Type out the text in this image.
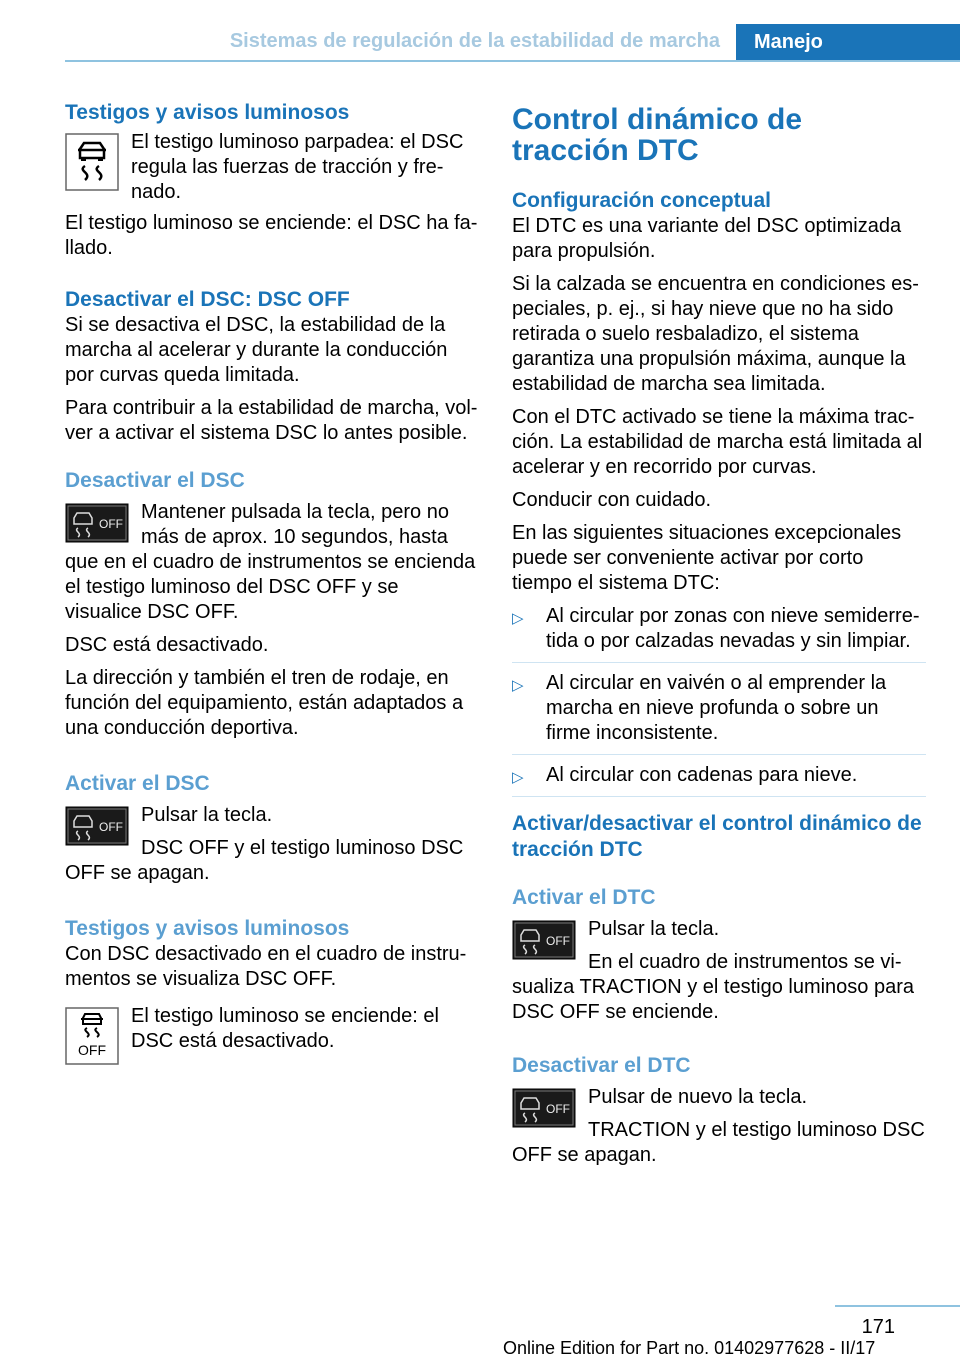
Sistemas de regulación de la estabilidad de marcha Manejo
Testigos y avisos luminosos

El testigo luminoso parpadea: el DSC regula las fuerzas de tracción y frenado.

El testigo luminoso se enciende: el DSC ha fallado.

Desactivar el DSC: DSC OFF

Si se desactiva el DSC, la estabilidad de la marcha al acelerar y durante la conducción por curvas queda limitada.

Para contribuir a la estabilidad de marcha, volver a activar el sistema DSC lo antes posible.

Desactivar el DSC
OFF

Mantener pulsada la tecla, pero no más de aprox. 10 segundos, hasta que en el cuadro de instrumentos se encienda el testigo luminoso del DSC OFF y se visualice DSC OFF.

DSC está desactivado.

La dirección y también el tren de rodaje, en función del equipamiento, están adaptados a una conducción deportiva.

Activar el DSC
OFF

Pulsar la tecla.

DSC OFF y el testigo luminoso DSC OFF se apagan.

Testigos y avisos luminosos

Con DSC desactivado en el cuadro de instrumentos se visualiza DSC OFF.

OFF

El testigo luminoso se enciende: el DSC está desactivado.

Control dinámico de tracción DTC
Configuración conceptual

El DTC es una variante del DSC optimizada para propulsión.

Si la calzada se encuentra en condiciones especiales, p. ej., si hay nieve que no ha sido retirada o suelo resbaladizo, el sistema garantiza una propulsión máxima, aunque la estabilidad de marcha sea limitada.

Con el DTC activado se tiene la máxima tracción. La estabilidad de marcha está limitada al acelerar y en recorrido por curvas.

Conducir con cuidado.

En las siguientes situaciones excepcionales puede ser conveniente activar por corto tiempo el sistema DTC:

▷ Al circular por zonas con nieve semiderretida o por calzadas nevadas y sin limpiar.
▷ Al circular en vaivén o al emprender la marcha en nieve profunda o sobre un firme inconsistente.
▷ Al circular con cadenas para nieve.
Activar/desactivar el control dinámico de tracción DTC
Activar el DTC
OFF

Pulsar la tecla.

En el cuadro de instrumentos se visualiza TRACTION y el testigo luminoso para DSC OFF se enciende.

Desactivar el DTC
OFF

Pulsar de nuevo la tecla.

TRACTION y el testigo luminoso DSC OFF se apagan.

171
Online Edition for Part no. 01402977628 - II/17
